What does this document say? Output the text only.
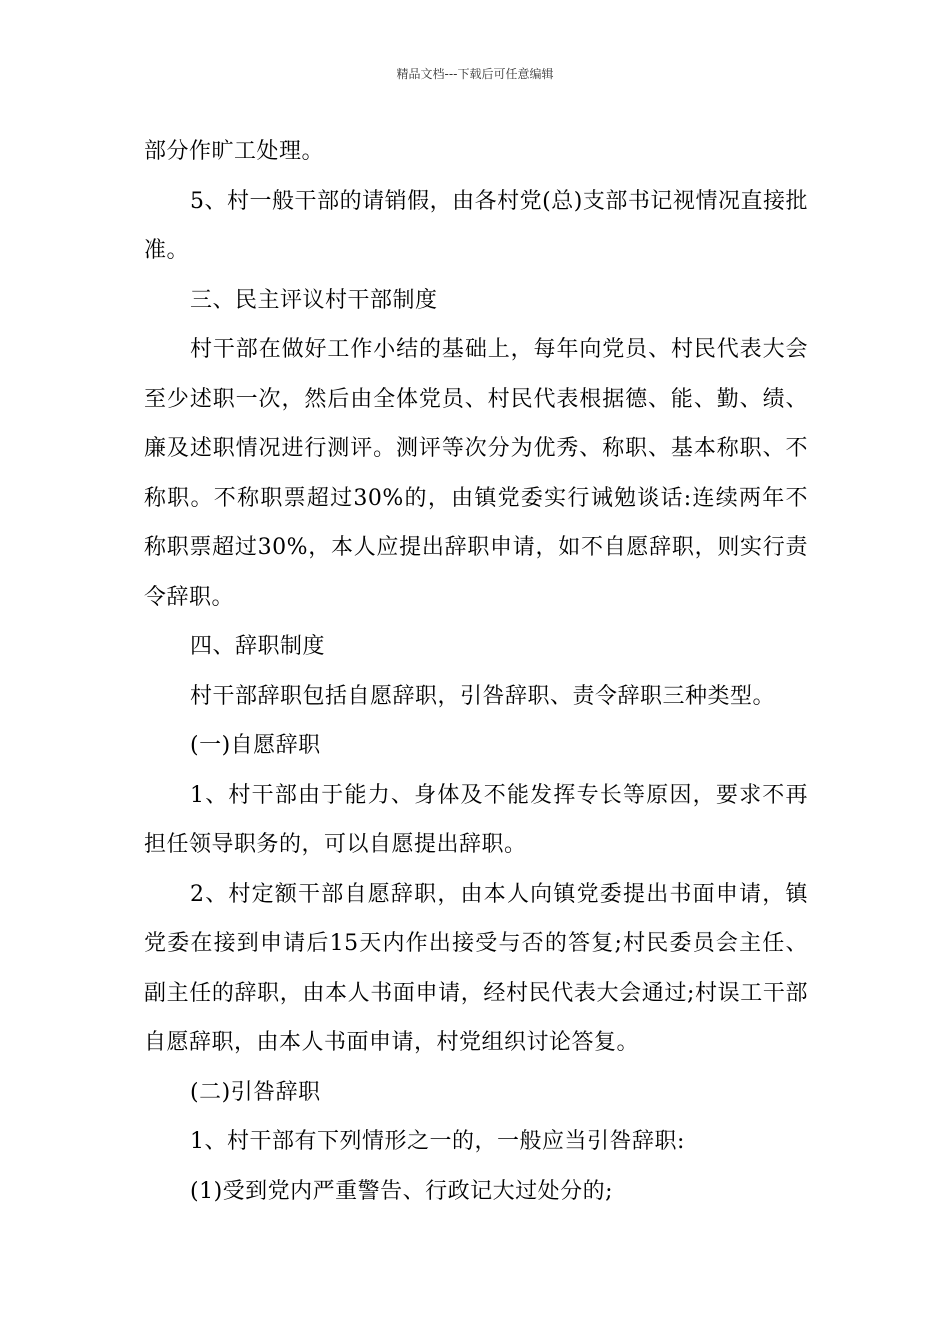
精品文档---下载后可任意编辑

部分作旷工处理。

5、村一般干部的请销假，由各村党(总)支部书记视情况直接批准。

三、民主评议村干部制度

村干部在做好工作小结的基础上，每年向党员、村民代表大会至少述职一次，然后由全体党员、村民代表根据德、能、勤、绩、廉及述职情况进行测评。测评等次分为优秀、称职、基本称职、不称职。不称职票超过30%的，由镇党委实行诫勉谈话:连续两年不称职票超过30%，本人应提出辞职申请，如不自愿辞职，则实行责令辞职。

四、辞职制度

村干部辞职包括自愿辞职，引咎辞职、责令辞职三种类型。

(一)自愿辞职

1、村干部由于能力、身体及不能发挥专长等原因，要求不再担任领导职务的，可以自愿提出辞职。

2、村定额干部自愿辞职，由本人向镇党委提出书面申请，镇党委在接到申请后15天内作出接受与否的答复;村民委员会主任、副主任的辞职，由本人书面申请，经村民代表大会通过;村误工干部自愿辞职，由本人书面申请，村党组织讨论答复。

(二)引咎辞职

1、村干部有下列情形之一的，一般应当引咎辞职:

(1)受到党内严重警告、行政记大过处分的;
